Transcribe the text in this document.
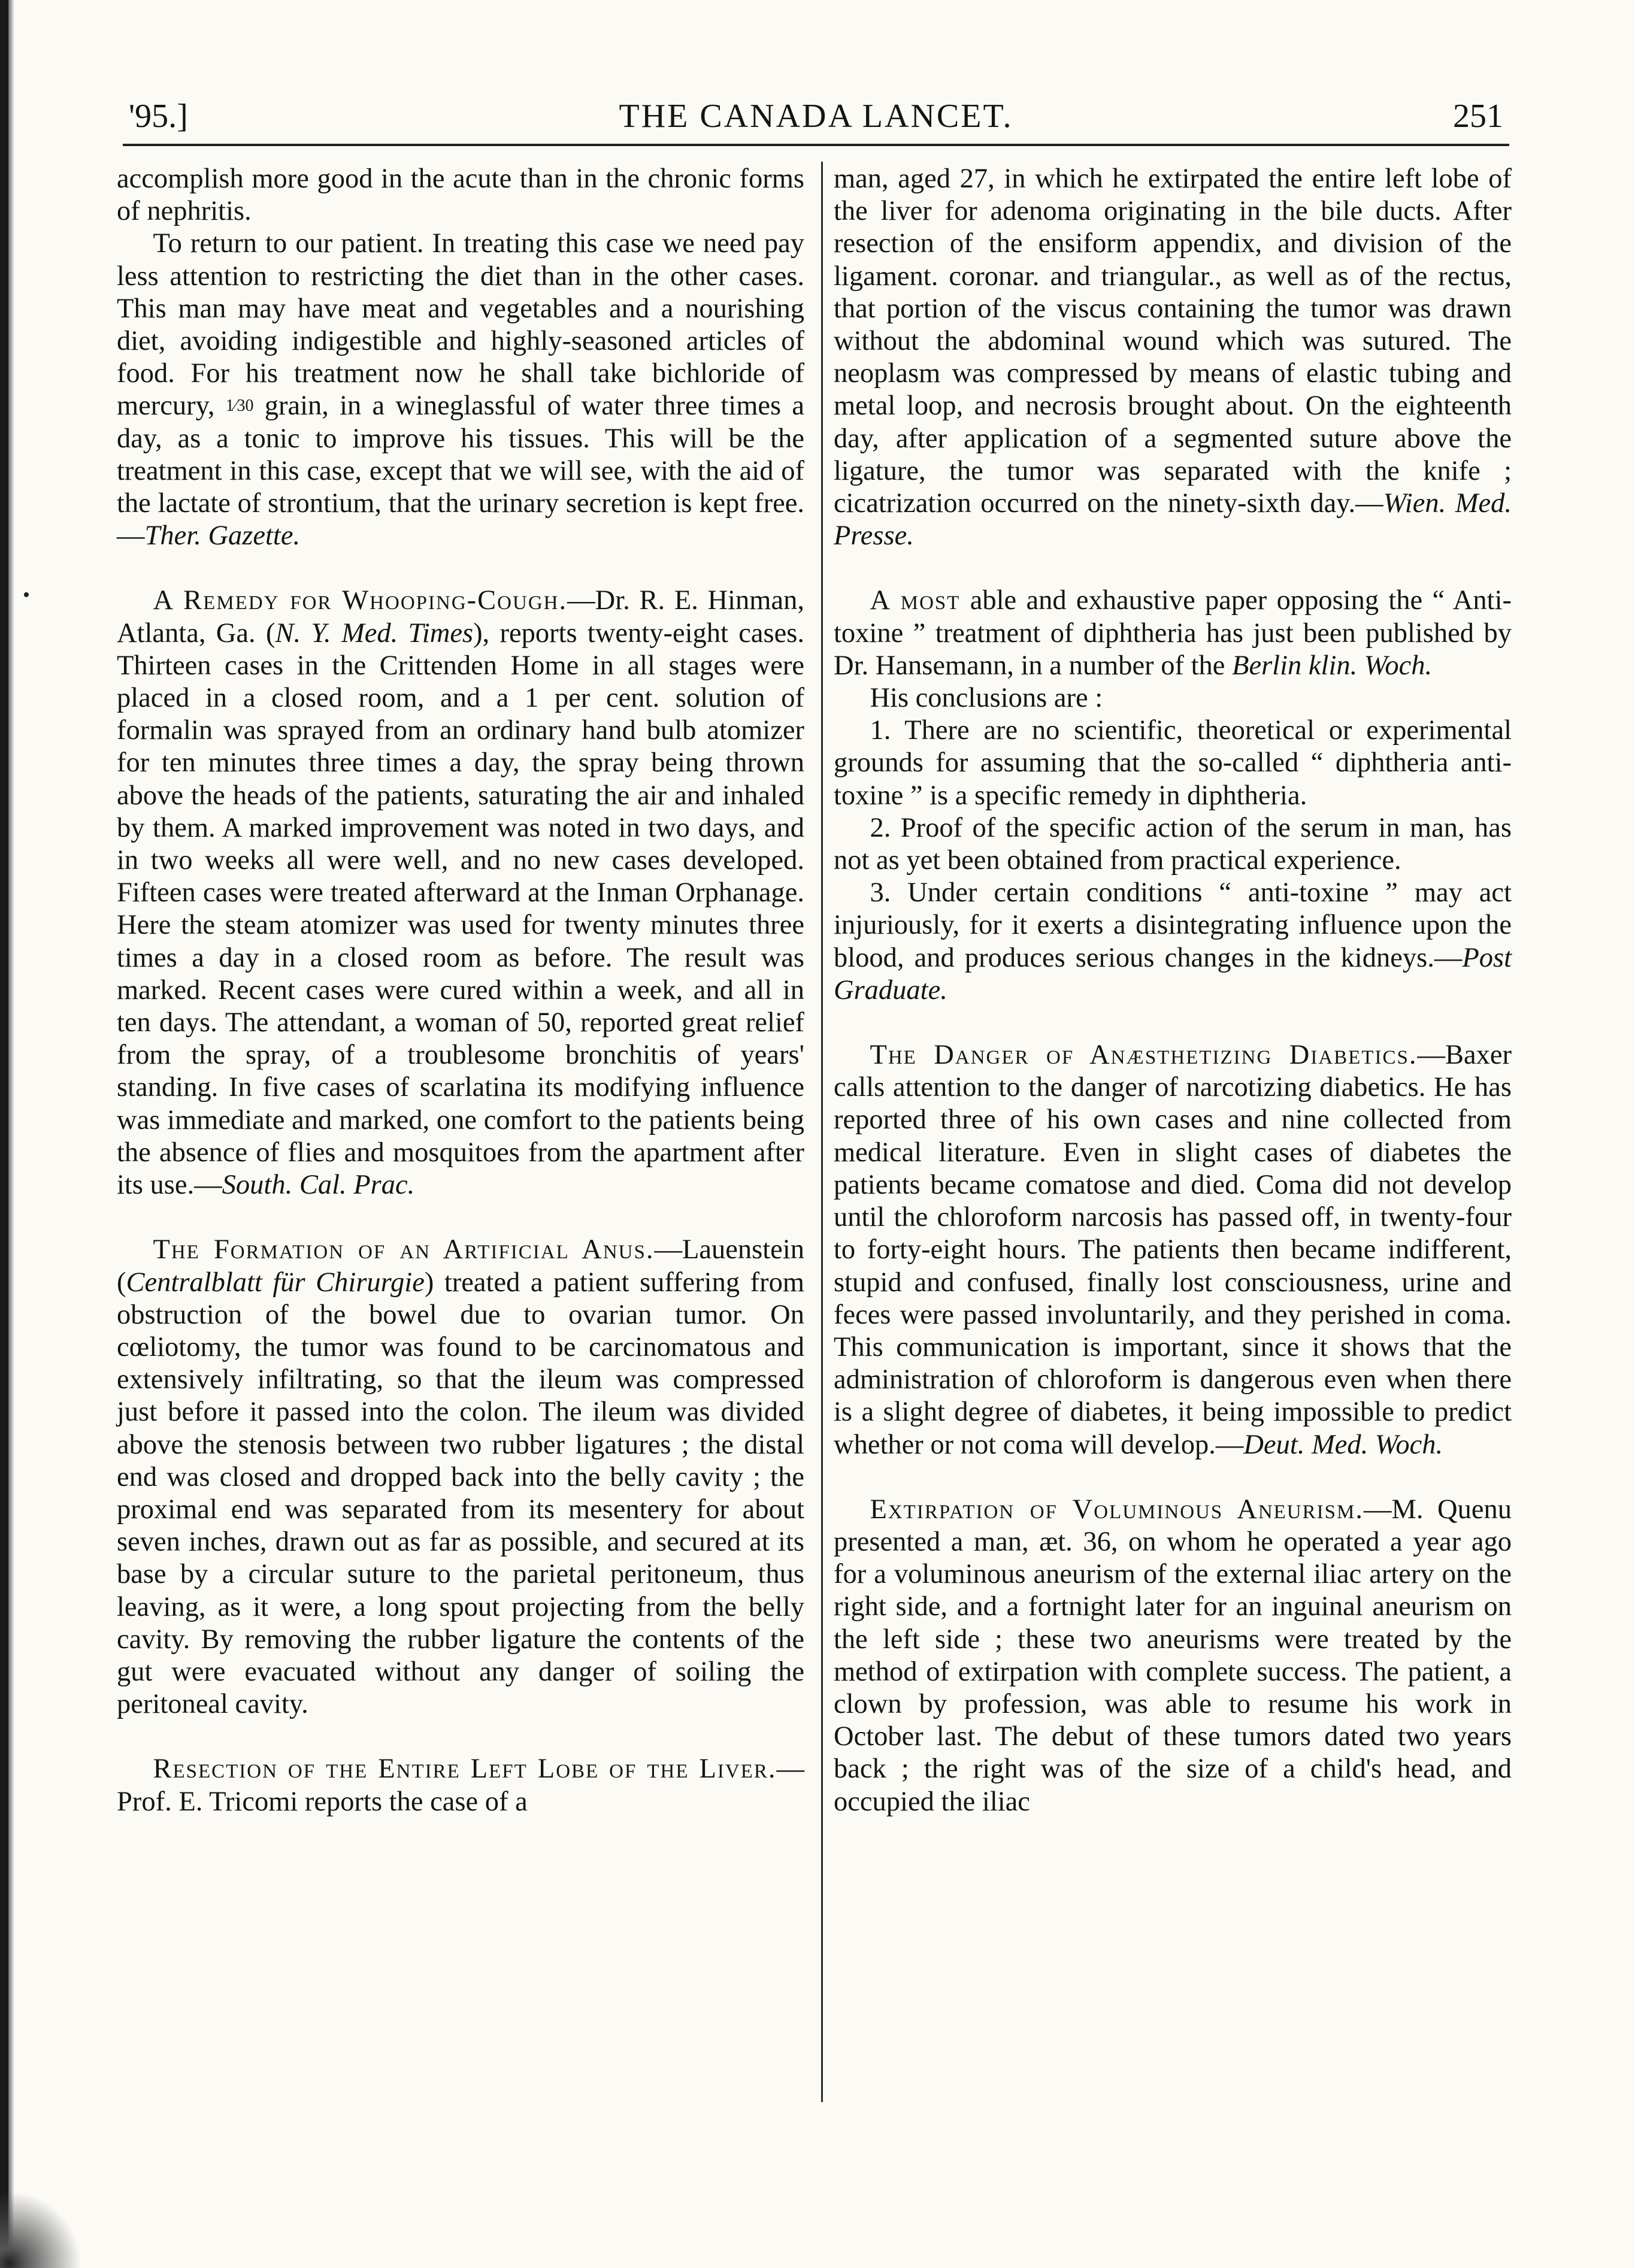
•
'95.]	THE CANADA LANCET.	251

accomplish more good in the acute than in the chronic forms of nephritis.

To return to our patient. In treating this case we need pay less attention to restricting the diet than in the other cases. This man may have meat and vegetables and a nourishing diet, avoiding indigestible and highly-seasoned articles of food. For his treatment now he shall take bichloride of mercury, $^{1⁄30}$ grain, in a wineglassful of water three times a day, as a tonic to improve his tissues. This will be the treatment in this case, except that we will see, with the aid of the lactate of strontium, that the urinary secretion is kept free.—Ther. Gazette.

A Remedy for Whooping-Cough.—Dr. R. E. Hinman, Atlanta, Ga. (N. Y. Med. Times), reports twenty-eight cases. Thirteen cases in the Crittenden Home in all stages were placed in a closed room, and a 1 per cent. solution of formalin was sprayed from an ordinary hand bulb atomizer for ten minutes three times a day, the spray being thrown above the heads of the patients, saturating the air and inhaled by them. A marked improvement was noted in two days, and in two weeks all were well, and no new cases developed. Fifteen cases were treated afterward at the Inman Orphanage. Here the steam atomizer was used for twenty minutes three times a day in a closed room as before. The result was marked. Recent cases were cured within a week, and all in ten days. The attendant, a woman of 50, reported great relief from the spray, of a troublesome bronchitis of years' standing. In five cases of scarlatina its modifying influence was immediate and marked, one comfort to the patients being the absence of flies and mosquitoes from the apartment after its use.—South. Cal. Prac.

The Formation of an Artificial Anus.—Lauenstein (Centralblatt für Chirurgie) treated a patient suffering from obstruction of the bowel due to ovarian tumor. On cœliotomy, the tumor was found to be carcinomatous and extensively infiltrating, so that the ileum was compressed just before it passed into the colon. The ileum was divided above the stenosis between two rubber ligatures ; the distal end was closed and dropped back into the belly cavity ; the proximal end was separated from its mesentery for about seven inches, drawn out as far as possible, and secured at its base by a circular suture to the parietal peritoneum, thus leaving, as it were, a long spout projecting from the belly cavity. By removing the rubber ligature the contents of the gut were evacuated without any danger of soiling the peritoneal cavity.

Resection of the Entire Left Lobe of the Liver.—Prof. E. Tricomi reports the case of a

man, aged 27, in which he extirpated the entire left lobe of the liver for adenoma originating in the bile ducts. After resection of the ensiform appendix, and division of the ligament. coronar. and triangular., as well as of the rectus, that portion of the viscus containing the tumor was drawn without the abdominal wound which was sutured. The neoplasm was compressed by means of elastic tubing and metal loop, and necrosis brought about. On the eighteenth day, after application of a segmented suture above the ligature, the tumor was separated with the knife ; cicatrization occurred on the ninety-sixth day.—Wien. Med. Presse.

A most able and exhaustive paper opposing the “ Anti-toxine ” treatment of diphtheria has just been published by Dr. Hansemann, in a number of the Berlin klin. Woch.

His conclusions are :

1. There are no scientific, theoretical or experimental grounds for assuming that the so-called “ diphtheria anti-toxine ” is a specific remedy in diphtheria.

2. Proof of the specific action of the serum in man, has not as yet been obtained from practical experience.

3. Under certain conditions “ anti-toxine ” may act injuriously, for it exerts a disintegrating influence upon the blood, and produces serious changes in the kidneys.—Post Graduate.

The Danger of Anæsthetizing Diabetics.—Baxer calls attention to the danger of narcotizing diabetics. He has reported three of his own cases and nine collected from medical literature. Even in slight cases of diabetes the patients became comatose and died. Coma did not develop until the chloroform narcosis has passed off, in twenty-four to forty-eight hours. The patients then became indifferent, stupid and confused, finally lost consciousness, urine and feces were passed involuntarily, and they perished in coma. This communication is important, since it shows that the administration of chloroform is dangerous even when there is a slight degree of diabetes, it being impossible to predict whether or not coma will develop.—Deut. Med. Woch.

Extirpation of Voluminous Aneurism.—M. Quenu presented a man, æt. 36, on whom he operated a year ago for a voluminous aneurism of the external iliac artery on the right side, and a fortnight later for an inguinal aneurism on the left side ; these two aneurisms were treated by the method of extirpation with complete success. The patient, a clown by profession, was able to resume his work in October last. The debut of these tumors dated two years back ; the right was of the size of a child's head, and occupied the iliac
